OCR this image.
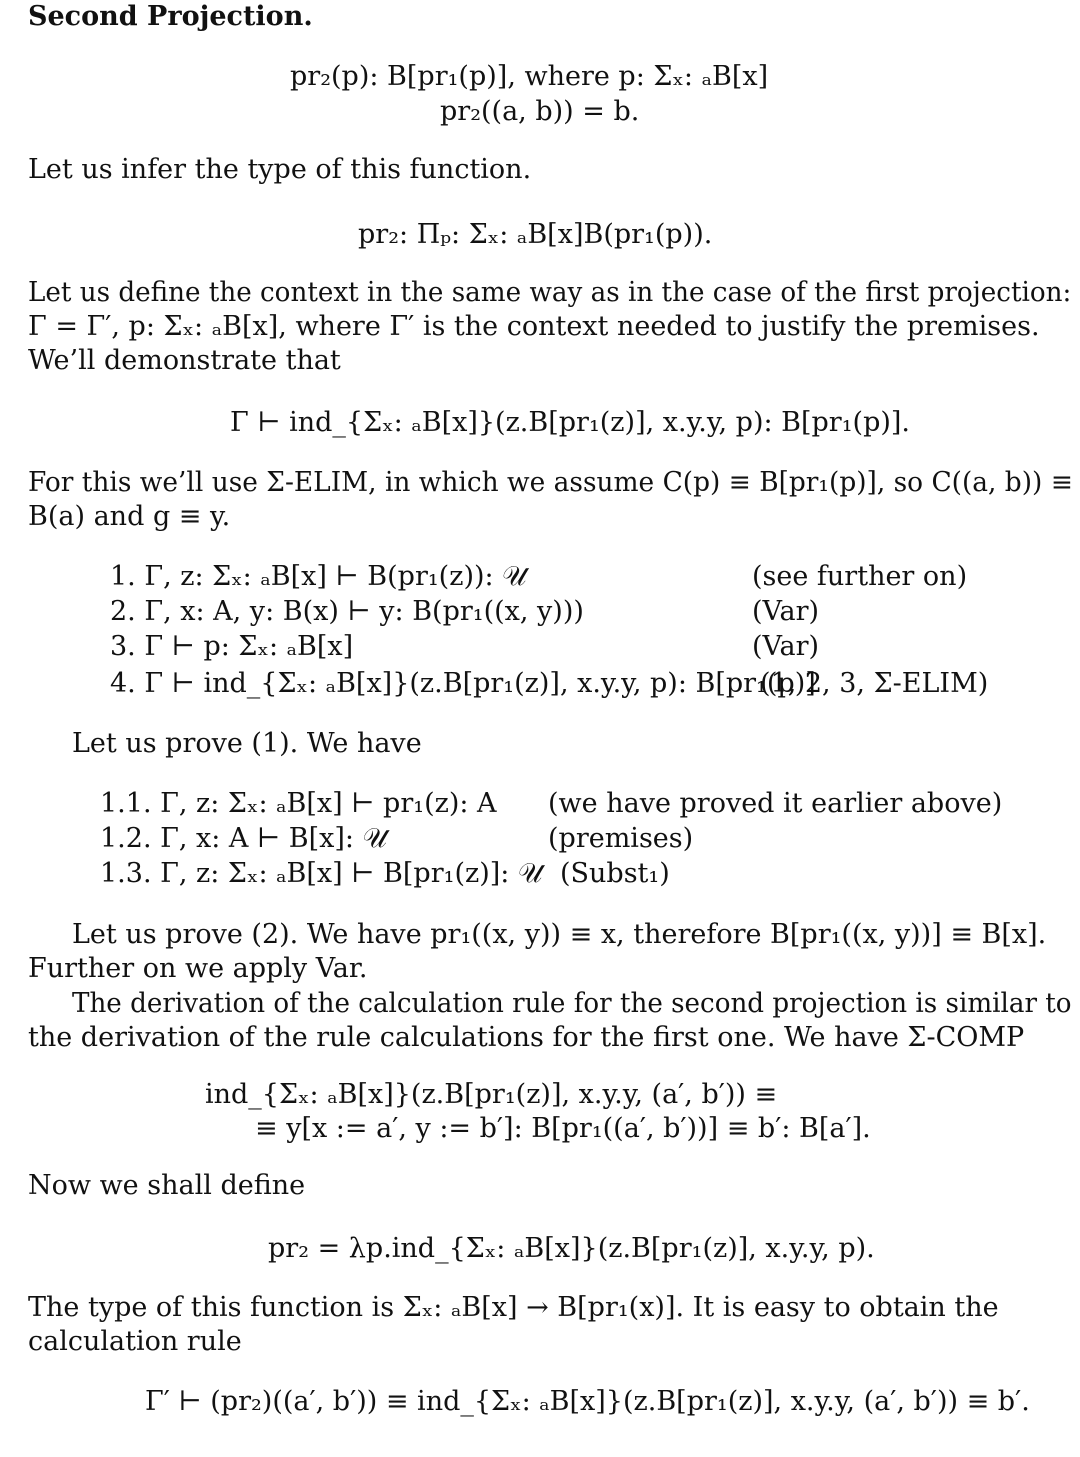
Second Projection.
pr₂(p): B[pr₁(p)], where p: Σₓ: ₐB[x]
pr₂((a, b)) = b.
Let us infer the type of this function.
pr₂: Πₚ: Σₓ: ₐB[x]B(pr₁(p)).
Let us define the context in the same way as in the case of the first projection:
Γ = Γ′, p: Σₓ: ₐB[x], where Γ′ is the context needed to justify the premises.
We’ll demonstrate that
Γ ⊢ ind_{Σₓ: ₐB[x]}(z.B[pr₁(z)], x.y.y, p): B[pr₁(p)].
For this we’ll use Σ-ELIM, in which we assume C(p) ≡ B[pr₁(p)], so C((a, b)) ≡
B(a) and g ≡ y.
1. Γ, z: Σₓ: ₐB[x] ⊢ B(pr₁(z)): 𝒰	(see further on)
2. Γ, x: A, y: B(x) ⊢ y: B(pr₁((x, y)))	(Var)
3. Γ ⊢ p: Σₓ: ₐB[x]	(Var)
4. Γ ⊢ ind_{Σₓ: ₐB[x]}(z.B[pr₁(z)], x.y.y, p): B[pr₁(p)]
(1, 2, 3, Σ-ELIM)
Let us prove (1). We have
1.1. Γ, z: Σₓ: ₐB[x] ⊢ pr₁(z): A (we have proved it earlier above)
1.2. Γ, x: A ⊢ B[x]: 𝒰	(premises)
1.3. Γ, z: Σₓ: ₐB[x] ⊢ B[pr₁(z)]: 𝒰 (Subst₁)
Let us prove (2). We have pr₁((x, y)) ≡ x, therefore B[pr₁((x, y))] ≡ B[x].
Further on we apply Var.
The derivation of the calculation rule for the second projection is similar to
the derivation of the rule calculations for the first one. We have Σ-COMP
ind_{Σₓ: ₐB[x]}(z.B[pr₁(z)], x.y.y, (a′, b′)) ≡
≡ y[x := a′, y := b′]: B[pr₁((a′, b′))] ≡ b′: B[a′].
Now we shall define
pr₂ = λp.ind_{Σₓ: ₐB[x]}(z.B[pr₁(z)], x.y.y, p).
The type of this function is Σₓ: ₐB[x] → B[pr₁(x)]. It is easy to obtain the
calculation rule
Γ′ ⊢ (pr₂)((a′, b′)) ≡ ind_{Σₓ: ₐB[x]}(z.B[pr₁(z)], x.y.y, (a′, b′)) ≡ b′.
